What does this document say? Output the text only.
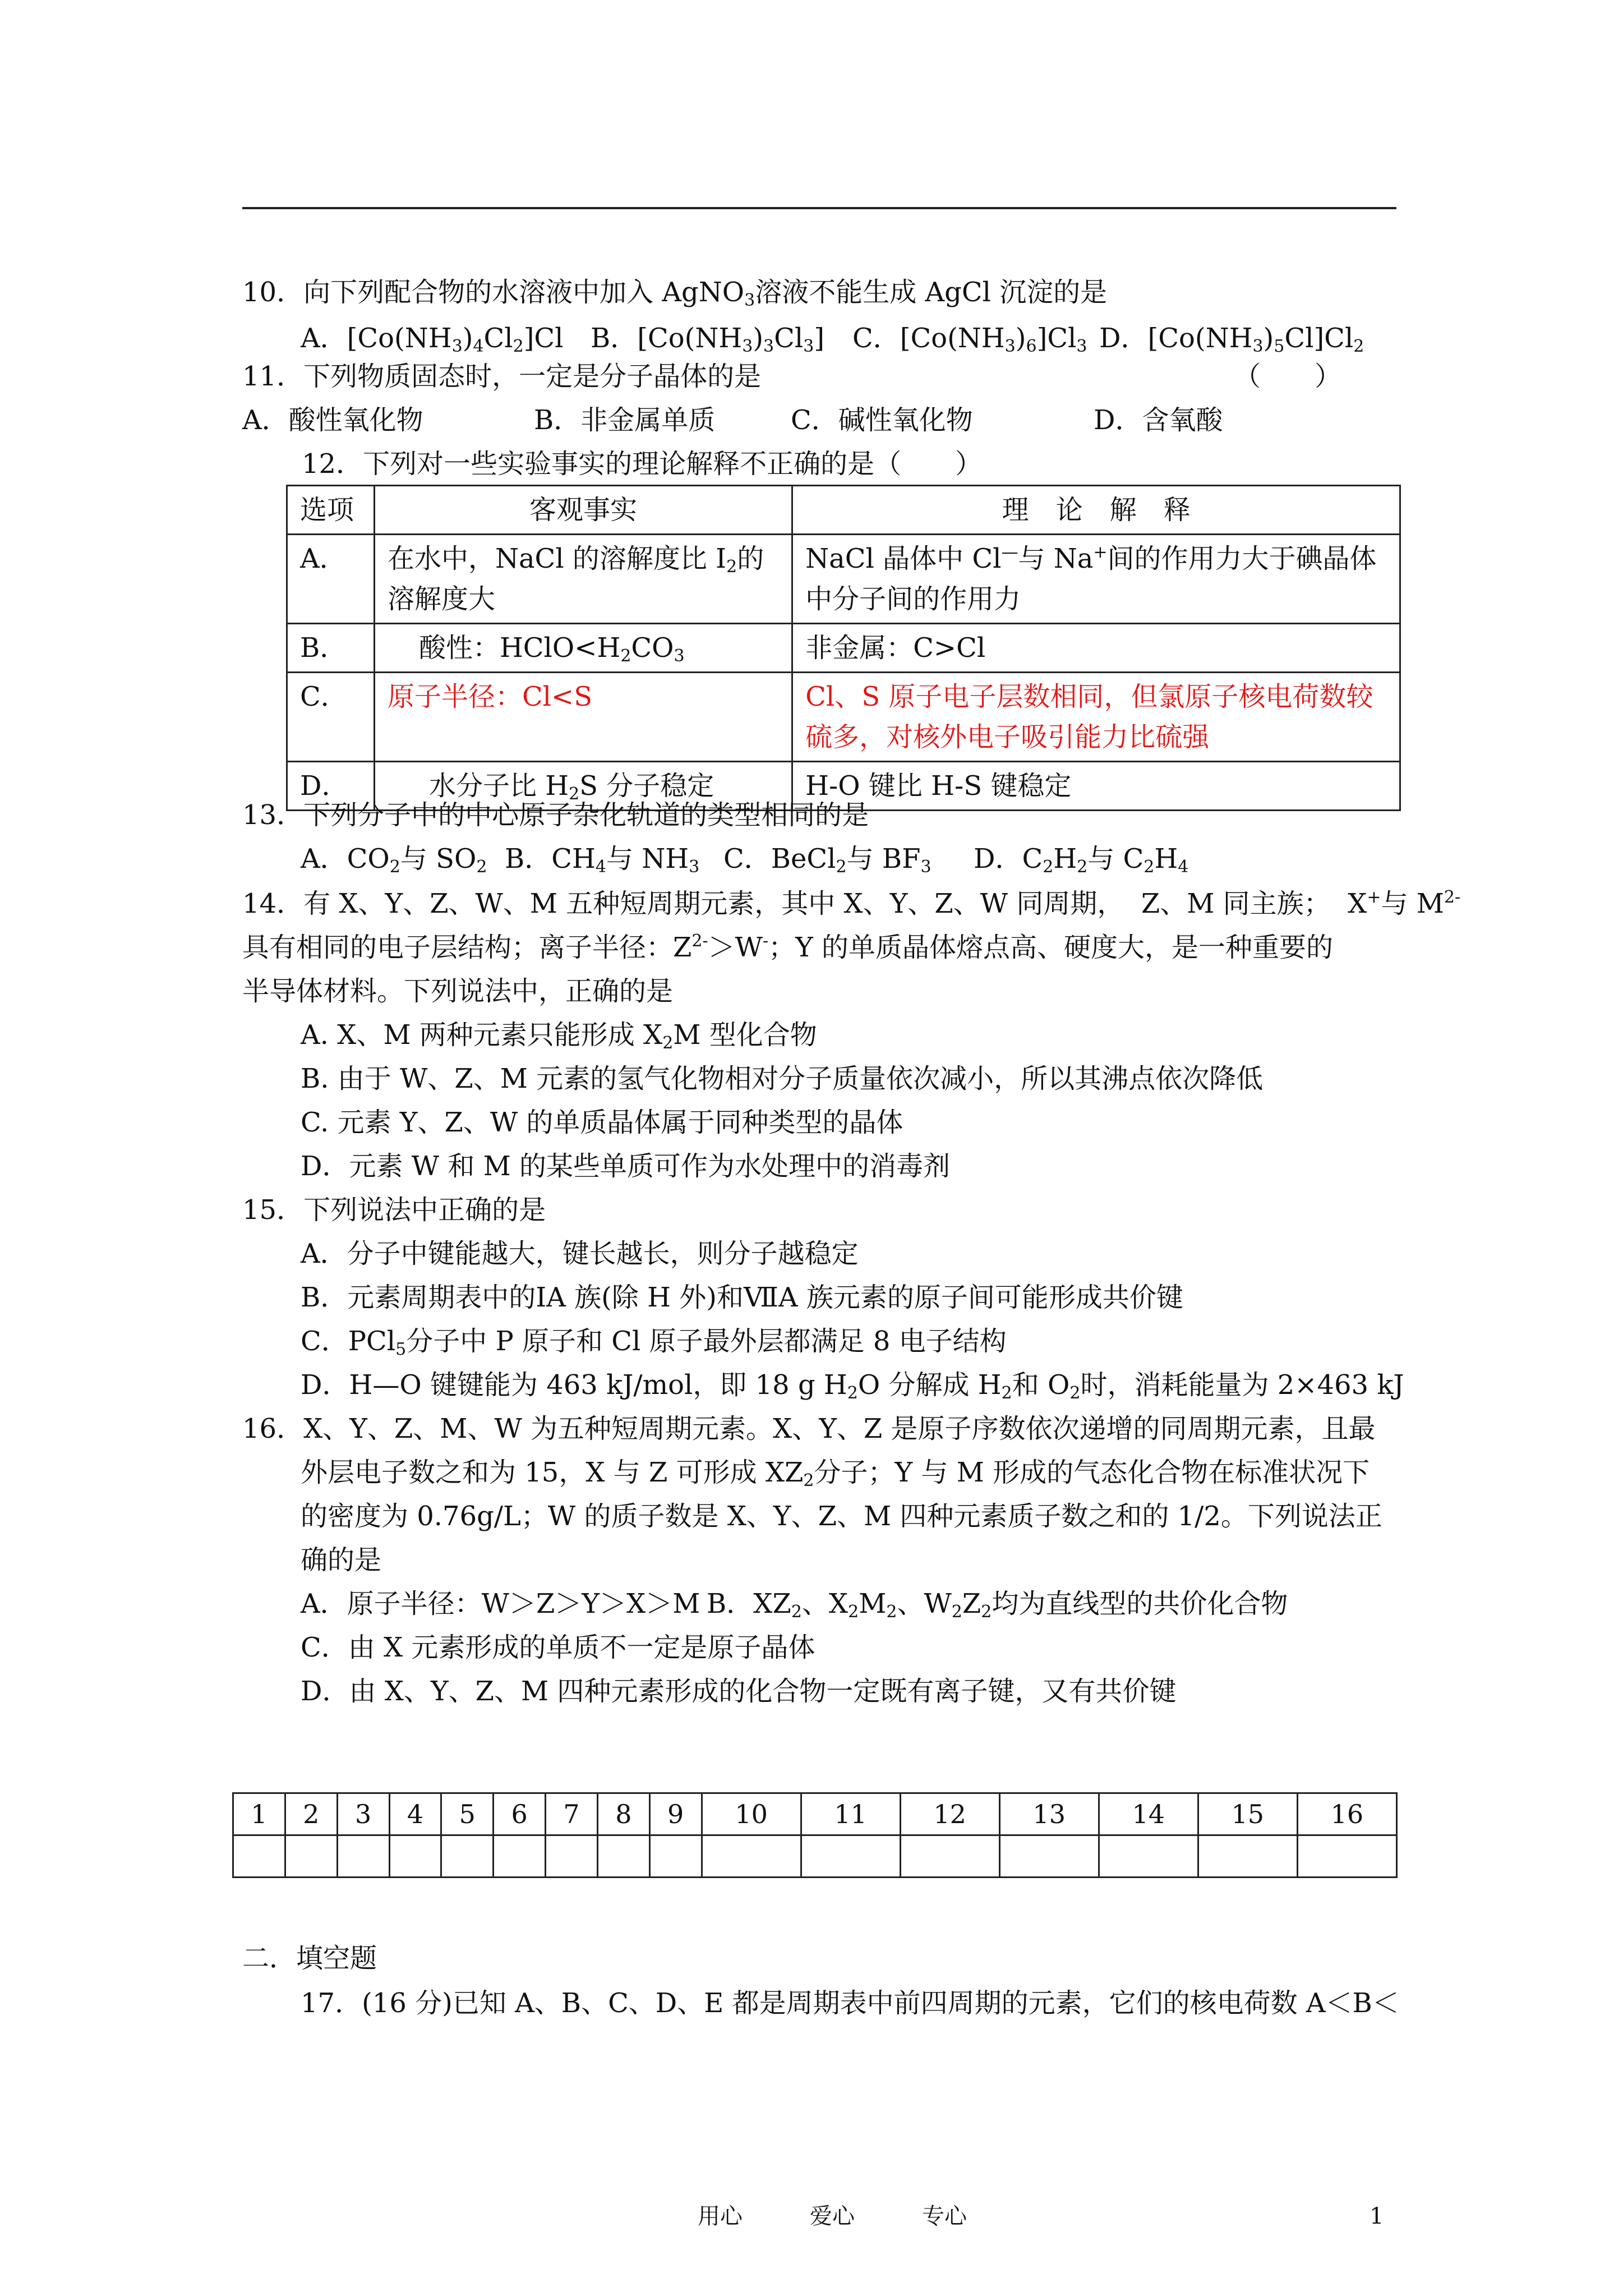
10．向下列配合物的水溶液中加入 AgNO$_3$溶液不能生成 AgCl 沉淀的是
A．$[Co(NH_3)_4Cl_2]Cl$ B．$[Co(NH_3)_3Cl_3]$ C．$[Co(NH_3)_6]Cl_3$ D．$[Co(NH_3)_5Cl]Cl_2$
11．下列物质固态时，一定是分子晶体的是	（　　）
A．酸性氧化物	B．非金属单质	C．碱性氧化物	D．含氧酸
12．下列对一些实验事实的理论解释不正确的是（　　）
选项	客观事实	理　论　解　释
A．	在水中，NaCl 的溶解度比 $I_2$的溶解度大	NaCl 晶体中 Cl—与 Na+间的作用力大于碘晶体中分子间的作用力
B．	酸性：$HClO<H_2CO_3$	非金属：C>Cl
C．	原子半径：Cl<S	Cl、S 原子电子层数相同，但氯原子核电荷数较硫多，对核外电子吸引能力比硫强
D．	水分子比 $H_2S$ 分子稳定	H-O 键比 H-S 键稳定
13．下列分子中的中心原子杂化轨道的类型相同的是
A．$CO_2$与 $SO_2$ B．$CH_4$与 $NH_3$ C．BeCl$_2$与 $BF_3$ D．$C_2H_2$与 $C_2H_4$
14．有 X、Y、Z、W、M 五种短周期元素，其中 X、Y、Z、W 同周期，  Z、M 同主族；  X+与 $M^{2-}$
具有相同的电子层结构；离子半径：$Z^{2-}>W^-$；Y 的单质晶体熔点高、硬度大，是一种重要的
半导体材料。下列说法中，正确的是
A. X、M 两种元素只能形成 $X_2M$ 型化合物
B. 由于 W、Z、M 元素的氢气化物相对分子质量依次减小，所以其沸点依次降低
C. 元素 Y、Z、W 的单质晶体属于同种类型的晶体
D．元素 W 和 M 的某些单质可作为水处理中的消毒剂
15．下列说法中正确的是
A．分子中键能越大，键长越长，则分子越稳定
B．元素周期表中的ⅠA 族(除 H 外)和ⅦA 族元素的原子间可能形成共价键
C．PCl$_5$分子中 P 原子和 Cl 原子最外层都满足 8 电子结构
D．H—O 键键能为 463 kJ/mol，即 18 g $H_2O$ 分解成 $H_2$和 $O_2$时，消耗能量为 2×463 kJ
16．X、Y、Z、M、W 为五种短周期元素。X、Y、Z 是原子序数依次递增的同周期元素，且最
外层电子数之和为 15，X 与 Z 可形成 $XZ_2$分子；Y 与 M 形成的气态化合物在标准状况下
的密度为 0.76g/L；W 的质子数是 X、Y、Z、M 四种元素质子数之和的 1/2。下列说法正
确的是
A．原子半径：W＞Z＞Y＞X＞M B．$XZ_2$、$X_2M_2$、$W_2Z_2$均为直线型的共价化合物
C．由 X 元素形成的单质不一定是原子晶体
D．由 X、Y、Z、M 四种元素形成的化合物一定既有离子键，又有共价键
1	2	3	4	5	6	7	8	9	10	11	12	13	14	15	16

二．填空题
17．(16 分)已知 A、B、C、D、E 都是周期表中前四周期的元素，它们的核电荷数 A＜B＜
用心　　　爱心　　　专心	1
